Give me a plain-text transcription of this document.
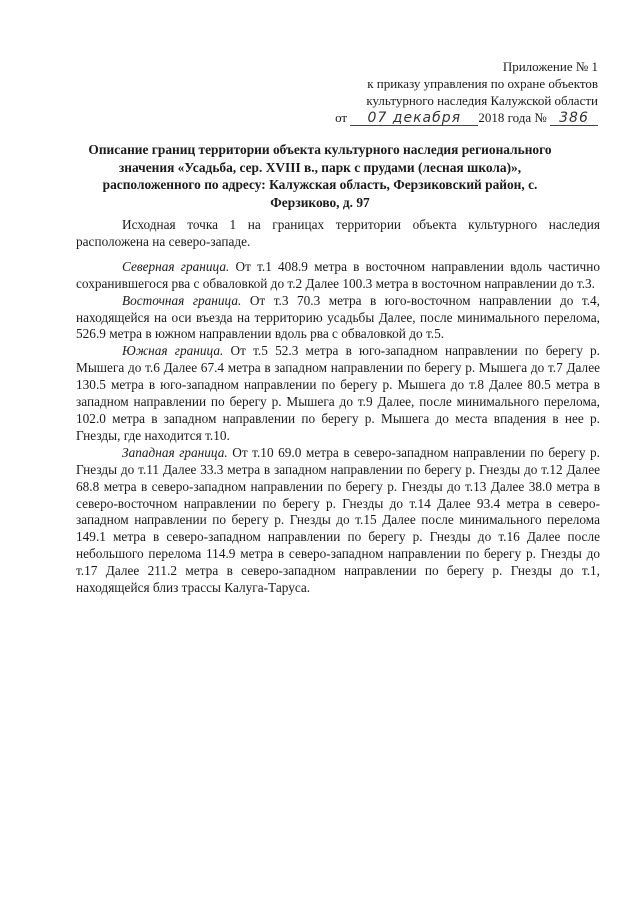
Приложение № 1
к приказу управления по охране объектов
культурного наследия Калужской области
от 07 декабря 2018 года № 386
Описание границ территории объекта культурного наследия регионального значения «Усадьба, сер. XVIII в., парк с прудами (лесная школа)», расположенного по адресу: Калужская область, Ферзиковский район, с. Ферзиково, д. 97

Исходная точка 1 на границах территории объекта культурного наследия расположена на северо-западе.

Северная граница. От т.1 408.9 метра в восточном направлении вдоль частично сохранившегося рва с обваловкой до т.2 Далее 100.3 метра в восточном направлении до т.3.

Восточная граница. От т.3 70.3 метра в юго-восточном направлении до т.4, находящейся на оси въезда на территорию усадьбы Далее, после минимального перелома, 526.9 метра в южном направлении вдоль рва с обваловкой до т.5.

Южная граница. От т.5 52.3 метра в юго-западном направлении по берегу р. Мышега до т.6 Далее 67.4 метра в западном направлении по берегу р. Мышега до т.7 Далее 130.5 метра в юго-западном направлении по берегу р. Мышега до т.8 Далее 80.5 метра в западном направлении по берегу р. Мышега до т.9 Далее, после минимального перелома, 102.0 метра в западном направлении по берегу р. Мышега до места впадения в нее р. Гнезды, где находится т.10.

Западная граница. От т.10 69.0 метра в северо-западном направлении по берегу р. Гнезды до т.11 Далее 33.3 метра в западном направлении по берегу р. Гнезды до т.12 Далее 68.8 метра в северо-западном направлении по берегу р. Гнезды до т.13 Далее 38.0 метра в северо-восточном направлении по берегу р. Гнезды до т.14 Далее 93.4 метра в северо-западном направлении по берегу р. Гнезды до т.15 Далее после минимального перелома 149.1 метра в северо-западном направлении по берегу р. Гнезды до т.16 Далее после небольшого перелома 114.9 метра в северо-западном направлении по берегу р. Гнезды до т.17 Далее 211.2 метра в северо-западном направлении по берегу р. Гнезды до т.1, находящейся близ трассы Калуга-Таруса.
